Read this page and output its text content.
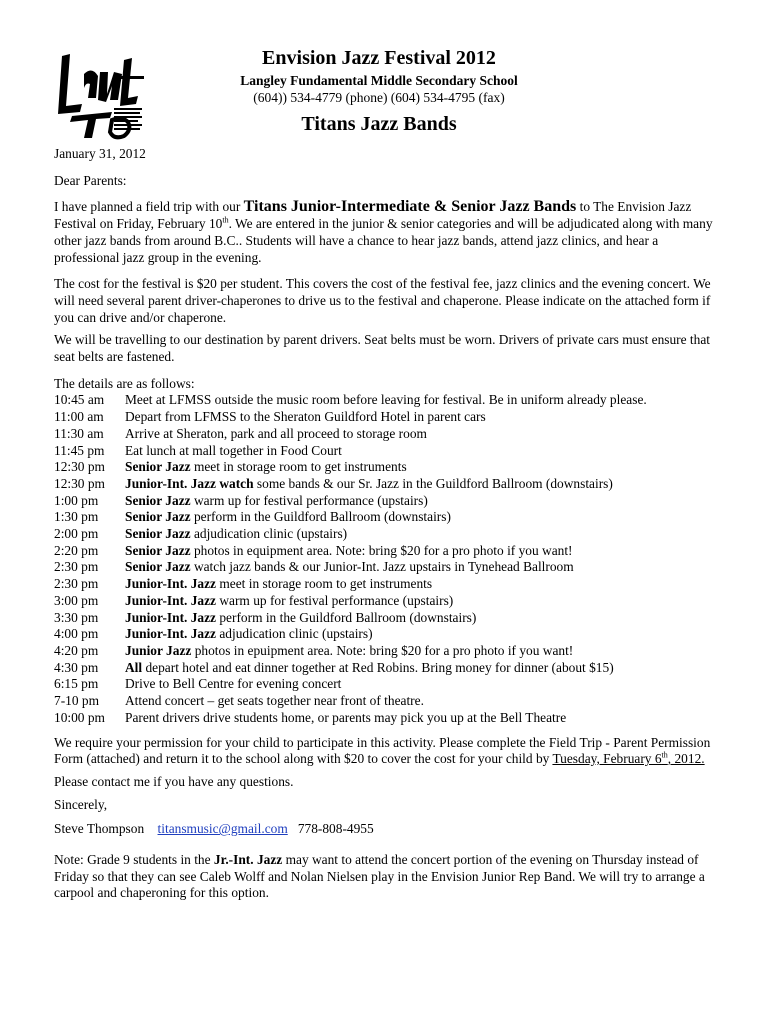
Langley Titans
Envision Jazz Festival 2012
Langley Fundamental Middle Secondary School
(604)) 534-4779 (phone) (604) 534-4795 (fax)
Titans Jazz Bands

January 31, 2012

Dear Parents:

I have planned a field trip with our Titans Junior-Intermediate & Senior Jazz Bands to The Envision Jazz Festival on Friday, February 10th. We are entered in the junior & senior categories and will be adjudicated along with many other jazz bands from around B.C.. Students will have a chance to hear jazz bands, attend jazz clinics, and hear a professional jazz group in the evening.

The cost for the festival is $20 per student. This covers the cost of the festival fee, jazz clinics and the evening concert. We will need several parent driver-chaperones to drive us to the festival and chaperone. Please indicate on the attached form if you can drive and/or chaperone.

We will be travelling to our destination by parent drivers. Seat belts must be worn. Drivers of private cars must ensure that seat belts are fastened.

The details are as follows:

10:45 am	Meet at LFMSS outside the music room before leaving for festival. Be in uniform already please.
11:00 am	Depart from LFMSS to the Sheraton Guildford Hotel in parent cars
11:30 am	Arrive at Sheraton, park and all proceed to storage room
11:45 pm	Eat lunch at mall together in Food Court
12:30 pm	Senior Jazz meet in storage room to get instruments
12:30 pm	Junior-Int. Jazz watch some bands & our Sr. Jazz in the Guildford Ballroom (downstairs)
1:00 pm	Senior Jazz warm up for festival performance (upstairs)
1:30 pm	Senior Jazz perform in the Guildford Ballroom (downstairs)
2:00 pm	Senior Jazz adjudication clinic (upstairs)
2:20 pm	Senior Jazz photos in equipment area. Note: bring $20 for a pro photo if you want!
2:30 pm	Senior Jazz watch jazz bands & our Junior-Int. Jazz upstairs in Tynehead Ballroom
2:30 pm	Junior-Int. Jazz meet in storage room to get instruments
3:00 pm	Junior-Int. Jazz warm up for festival performance (upstairs)
3:30 pm	Junior-Int. Jazz perform in the Guildford Ballroom (downstairs)
4:00 pm	Junior-Int. Jazz adjudication clinic (upstairs)
4:20 pm	Junior Jazz photos in epuipment area. Note: bring $20 for a pro photo if you want!
4:30 pm	All depart hotel and eat dinner together at Red Robins. Bring money for dinner (about $15)
6:15 pm	Drive to Bell Centre for evening concert
7-10 pm	Attend concert – get seats together near front of theatre.
10:00 pm	Parent drivers drive students home, or parents may pick you up at the Bell Theatre

We require your permission for your child to participate in this activity. Please complete the Field Trip - Parent Permission Form (attached) and return it to the school along with $20 to cover the cost for your child by Tuesday, February 6th, 2012.

Please contact me if you have any questions.

Sincerely,

Steve Thompson titansmusic@gmail.com 778-808-4955

Note: Grade 9 students in the Jr.-Int. Jazz may want to attend the concert portion of the evening on Thursday instead of Friday so that they can see Caleb Wolff and Nolan Nielsen play in the Envision Junior Rep Band. We will try to arrange a carpool and chaperoning for this option.
